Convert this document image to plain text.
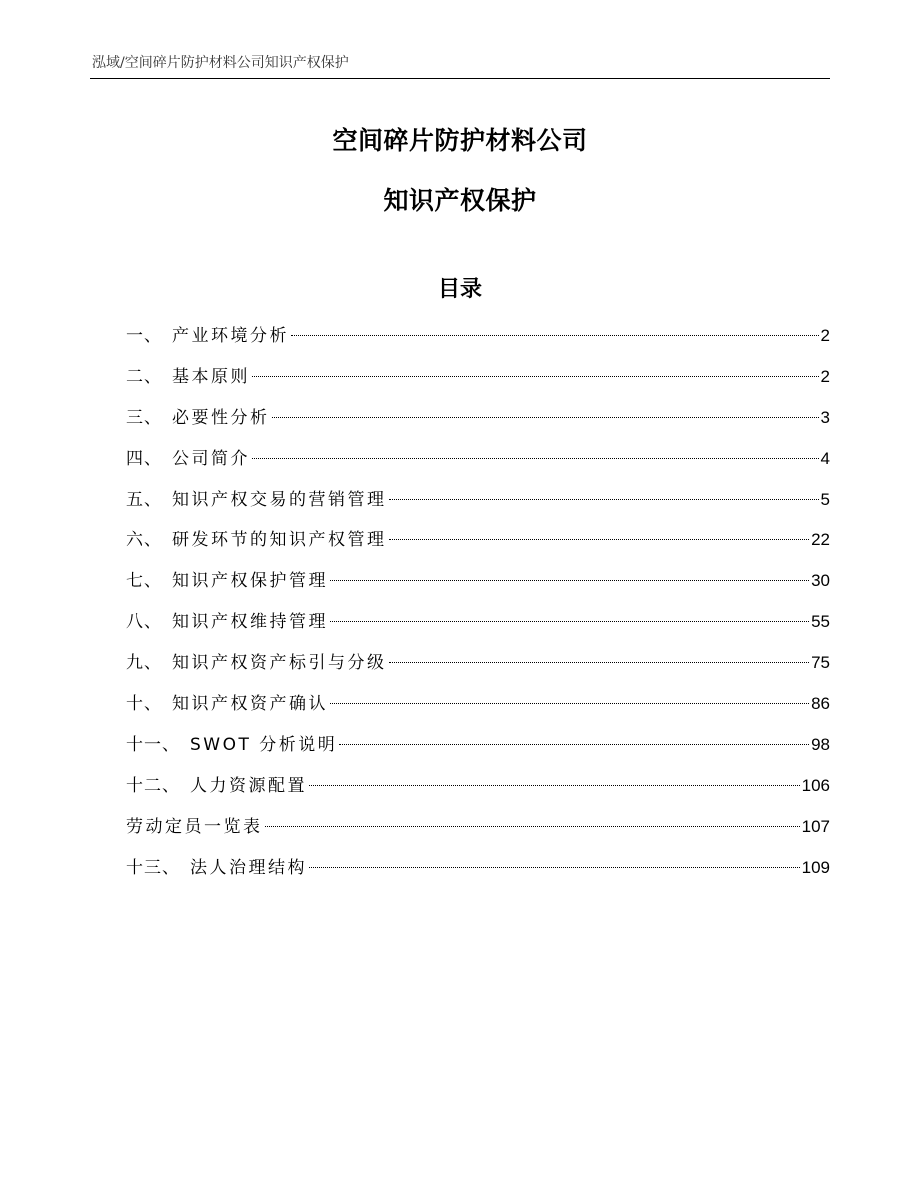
泓域/空间碎片防护材料公司知识产权保护
空间碎片防护材料公司
知识产权保护
目录
一、 产业环境分析	2
二、 基本原则	2
三、 必要性分析	3
四、 公司简介	4
五、 知识产权交易的营销管理	5
六、 研发环节的知识产权管理	22
七、 知识产权保护管理	30
八、 知识产权维持管理	55
九、 知识产权资产标引与分级	75
十、 知识产权资产确认	86
十一、 SWOT 分析说明	98
十二、 人力资源配置	106
劳动定员一览表	107
十三、 法人治理结构	109
